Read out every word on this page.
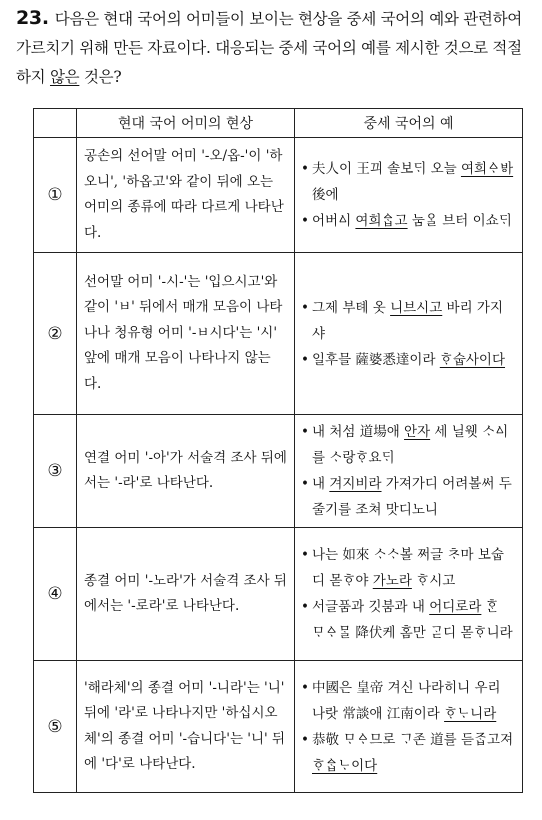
23. 다음은 현대 국어의 어미들이 보이는 현상을 중세 국어의 예와 관련하여 가르치기 위해 만든 자료이다. 대응되는 중세 국어의 예를 제시한 것으로 적절하지 않은 것은?
	현대 국어 어미의 현상	중세 국어의 예
①	공손의 선어말 어미 '-오/옵-'이 '하오니', '하옵고'와 같이 뒤에 오는 어미의 종류에 따라 다르게 나타난다.	• 夫人이 王끠 솔보ᄃᆡ 오늘 여희ᅀᆞᄫᅡ 後에
• 어버ᅀᅵ 여희ᅀᆞᆸ고 눔ᄋᆞᆯ 브터 이쇼ᄃᆡ

②	선어말 어미 '-시-'는 '입으시고'와 같이 'ㅂ' 뒤에서 매개 모음이 나타나나 청유형 어미 '-ㅂ시다'는 '시' 앞에 매개 모음이 나타나지 않는다.	• 그제 부톄 옷 니브시고 바리 가지샤
• 일후믈 薩婆悉達이라 ᄒᆞ숩사이다

③	연결 어미 '-아'가 서술격 조사 뒤에서는 '-라'로 나타난다.	• 내 처섬 道場애 안자 세 닐웻 ᄉᆞᅀᅵ를 ᄉᆞ랑ᄒᆞ요ᄃᆡ
• 내 겨지비라 가져가디 어려볼써 두 줄기를 조쳐 맛디노니

④	종결 어미 '-노라'가 서술격 조사 뒤에서는 '-로라'로 나타난다.	• 나는 如來 ᄉᆞᄉᆞ볼 쩌글 ᄎᆞ마 보숩디 몯ᄒᆞ야 가노라 ᄒᆞ시고
• 서글품과 깃붐과 내 어디로라 ᄒᆞᆫ ᄆᆞᅀᆞᄆᆞᆯ 降伏케 홈만 ᄀᆞᆮ디 몯ᄒᆞ니라

⑤	'해라체'의 종결 어미 '-니라'는 '니' 뒤에 '라'로 나타나지만 '하십시오체'의 종결 어미 '-습니다'는 '니' 뒤에 '다'로 나타난다.	• 中國은 皇帝 겨신 나라히니 우리 나랏 常談애 江南이라 ᄒᆞᄂᆞ니라
• 恭敬 ᄆᆞᅀᆞ므로 ᄀᆞ존 道를 듣ᄌᆞᆸ고져 ᄒᆞᅀᆞᆸᄂᆞ이다
